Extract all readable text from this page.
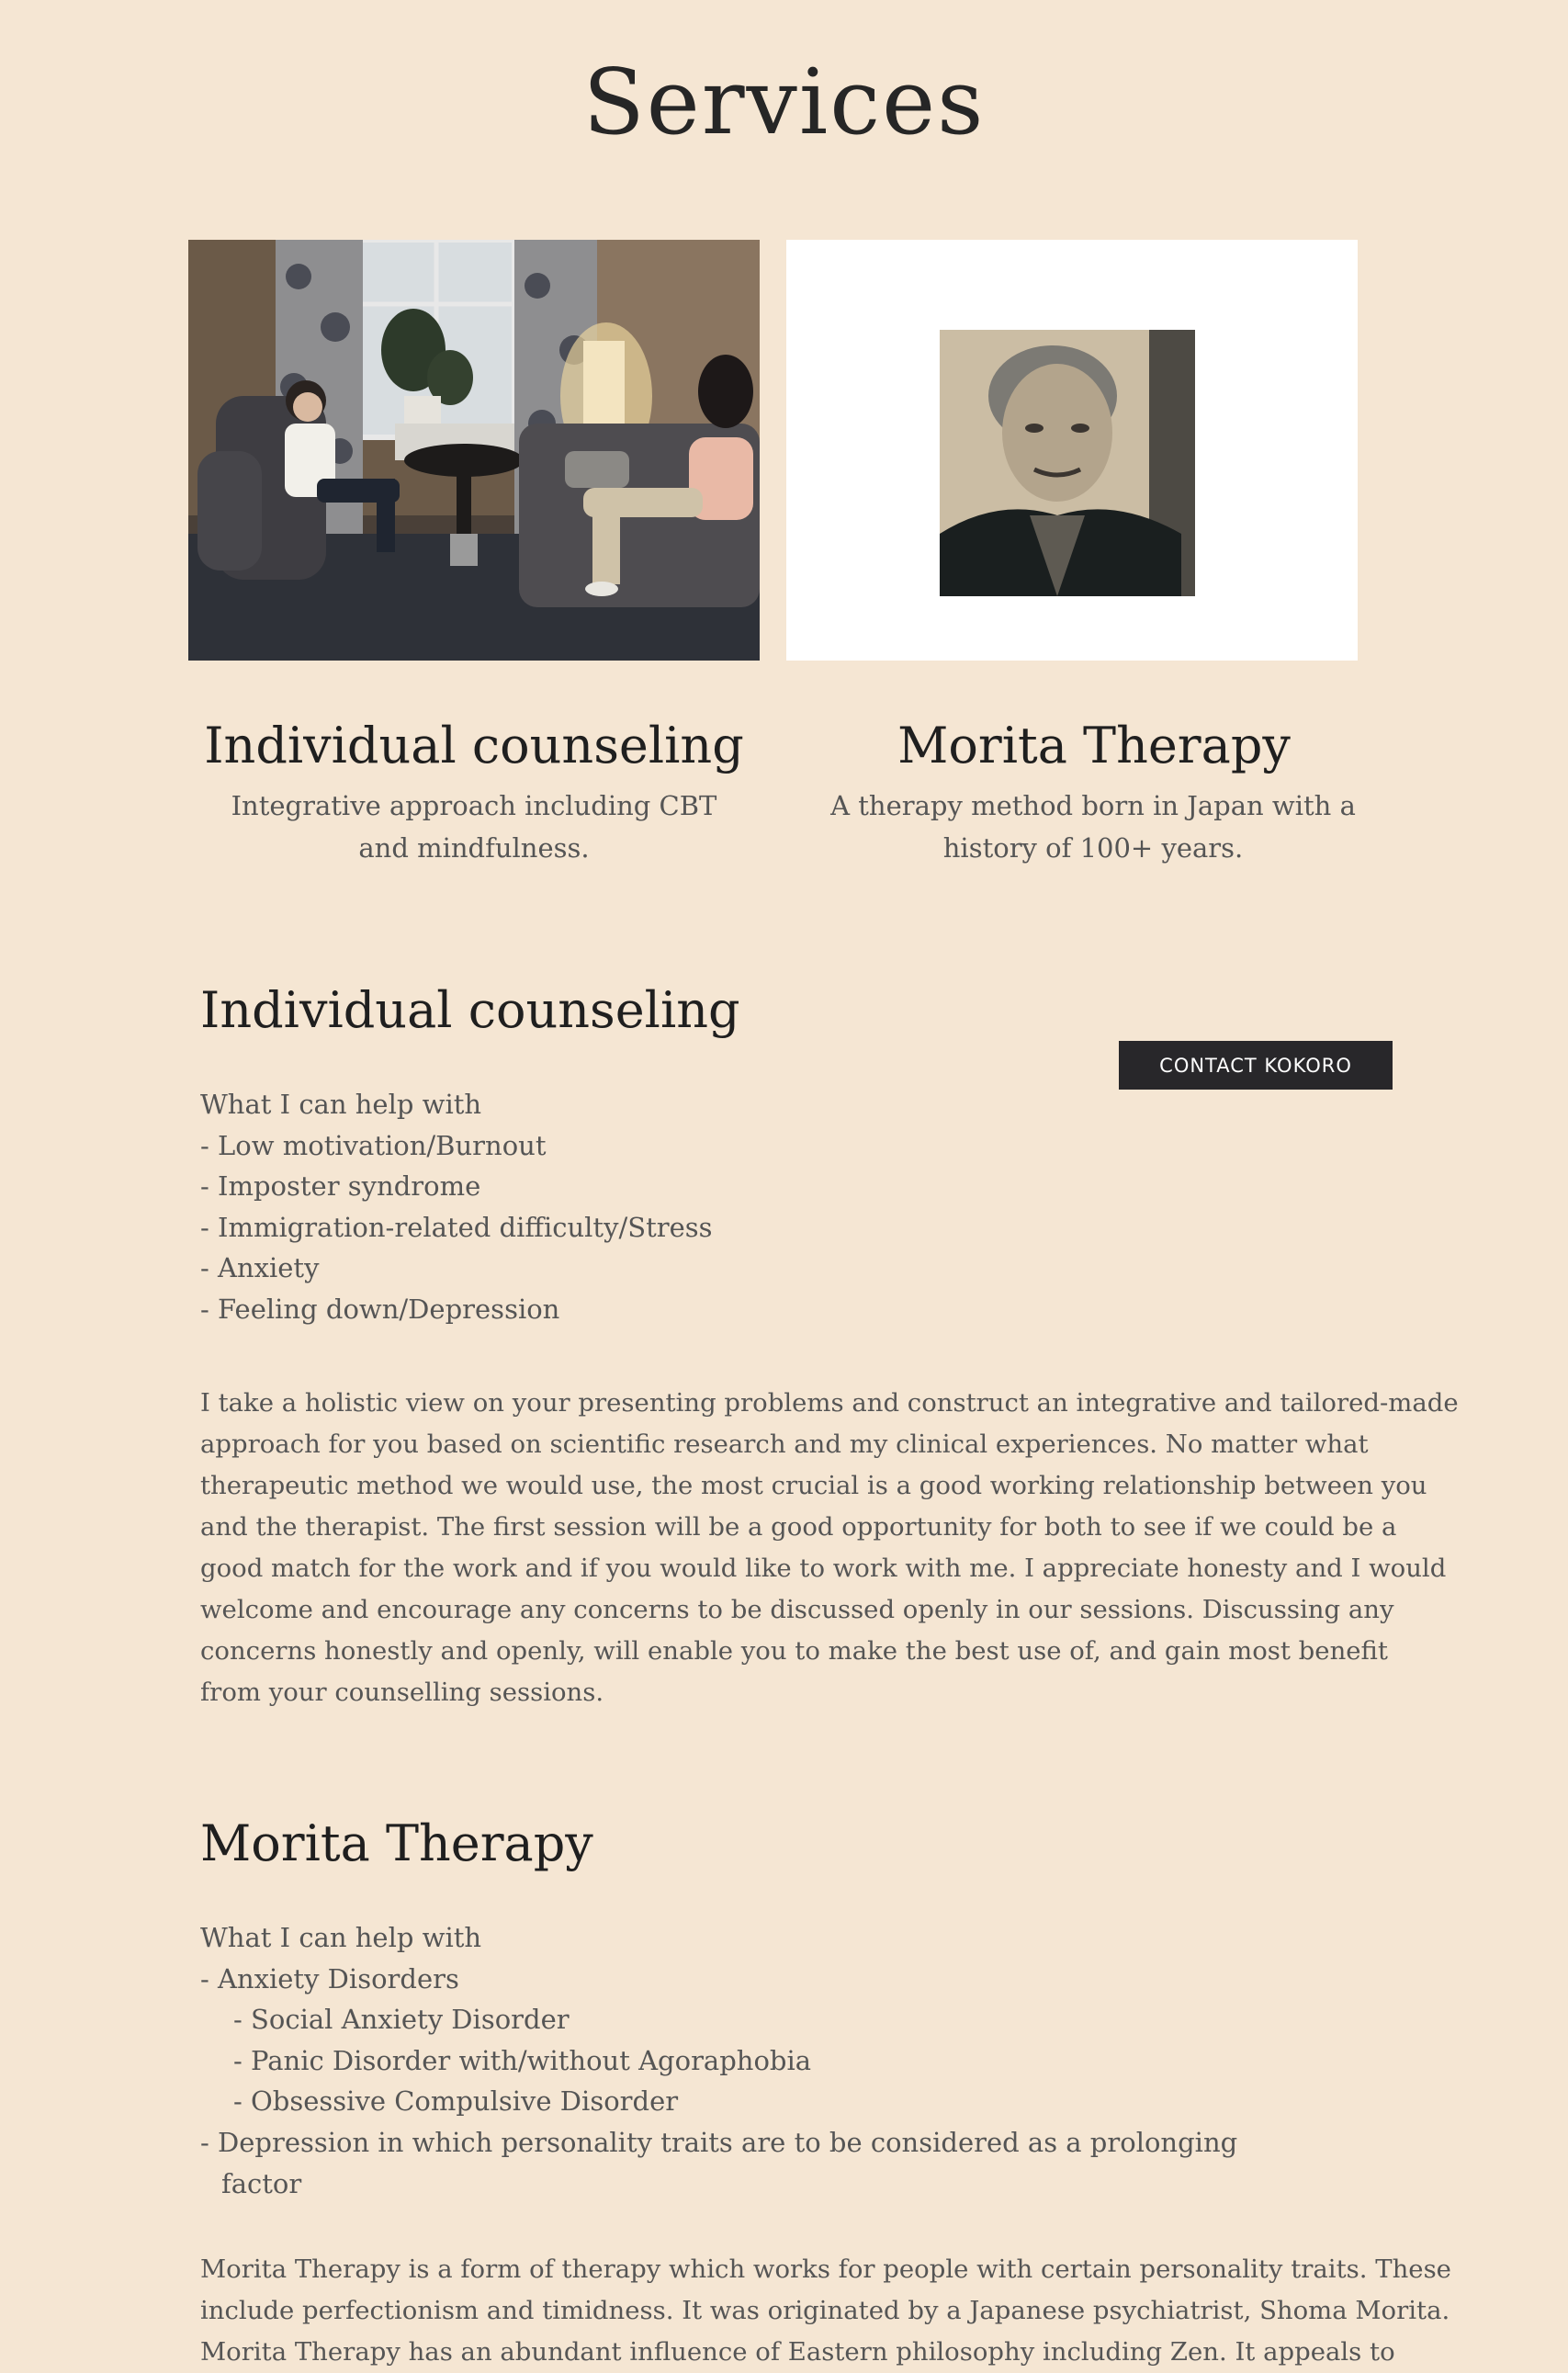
Services
Individual counseling

Integrative approach including CBT and mindfulness.

Morita Therapy

A therapy method born in Japan with a history of 100+ years.

Individual counseling
CONTACT KOKORO
What I can help with
- Low motivation/Burnout
- Imposter syndrome
- Immigration-related difficulty/Stress
- Anxiety
- Feeling down/Depression

I take a holistic view on your presenting problems and construct an integrative and tailored-made
approach for you based on scientific research and my clinical experiences. No matter what
therapeutic method we would use, the most crucial is a good working relationship between you
and the therapist. The first session will be a good opportunity for both to see if we could be a
good match for the work and if you would like to work with me. I appreciate honesty and I would
welcome and encourage any concerns to be discussed openly in our sessions. Discussing any
concerns honestly and openly, will enable you to make the best use of, and gain most benefit
from your counselling sessions.

Morita Therapy
What I can help with
- Anxiety Disorders
- Social Anxiety Disorder
- Panic Disorder with/without Agoraphobia
- Obsessive Compulsive Disorder
- Depression in which personality traits are to be considered as a prolonging
factor

Morita Therapy is a form of therapy which works for people with certain personality traits. These
include perfectionism and timidness. It was originated by a Japanese psychiatrist, Shoma Morita.
Morita Therapy has an abundant influence of Eastern philosophy including Zen. It appeals to
